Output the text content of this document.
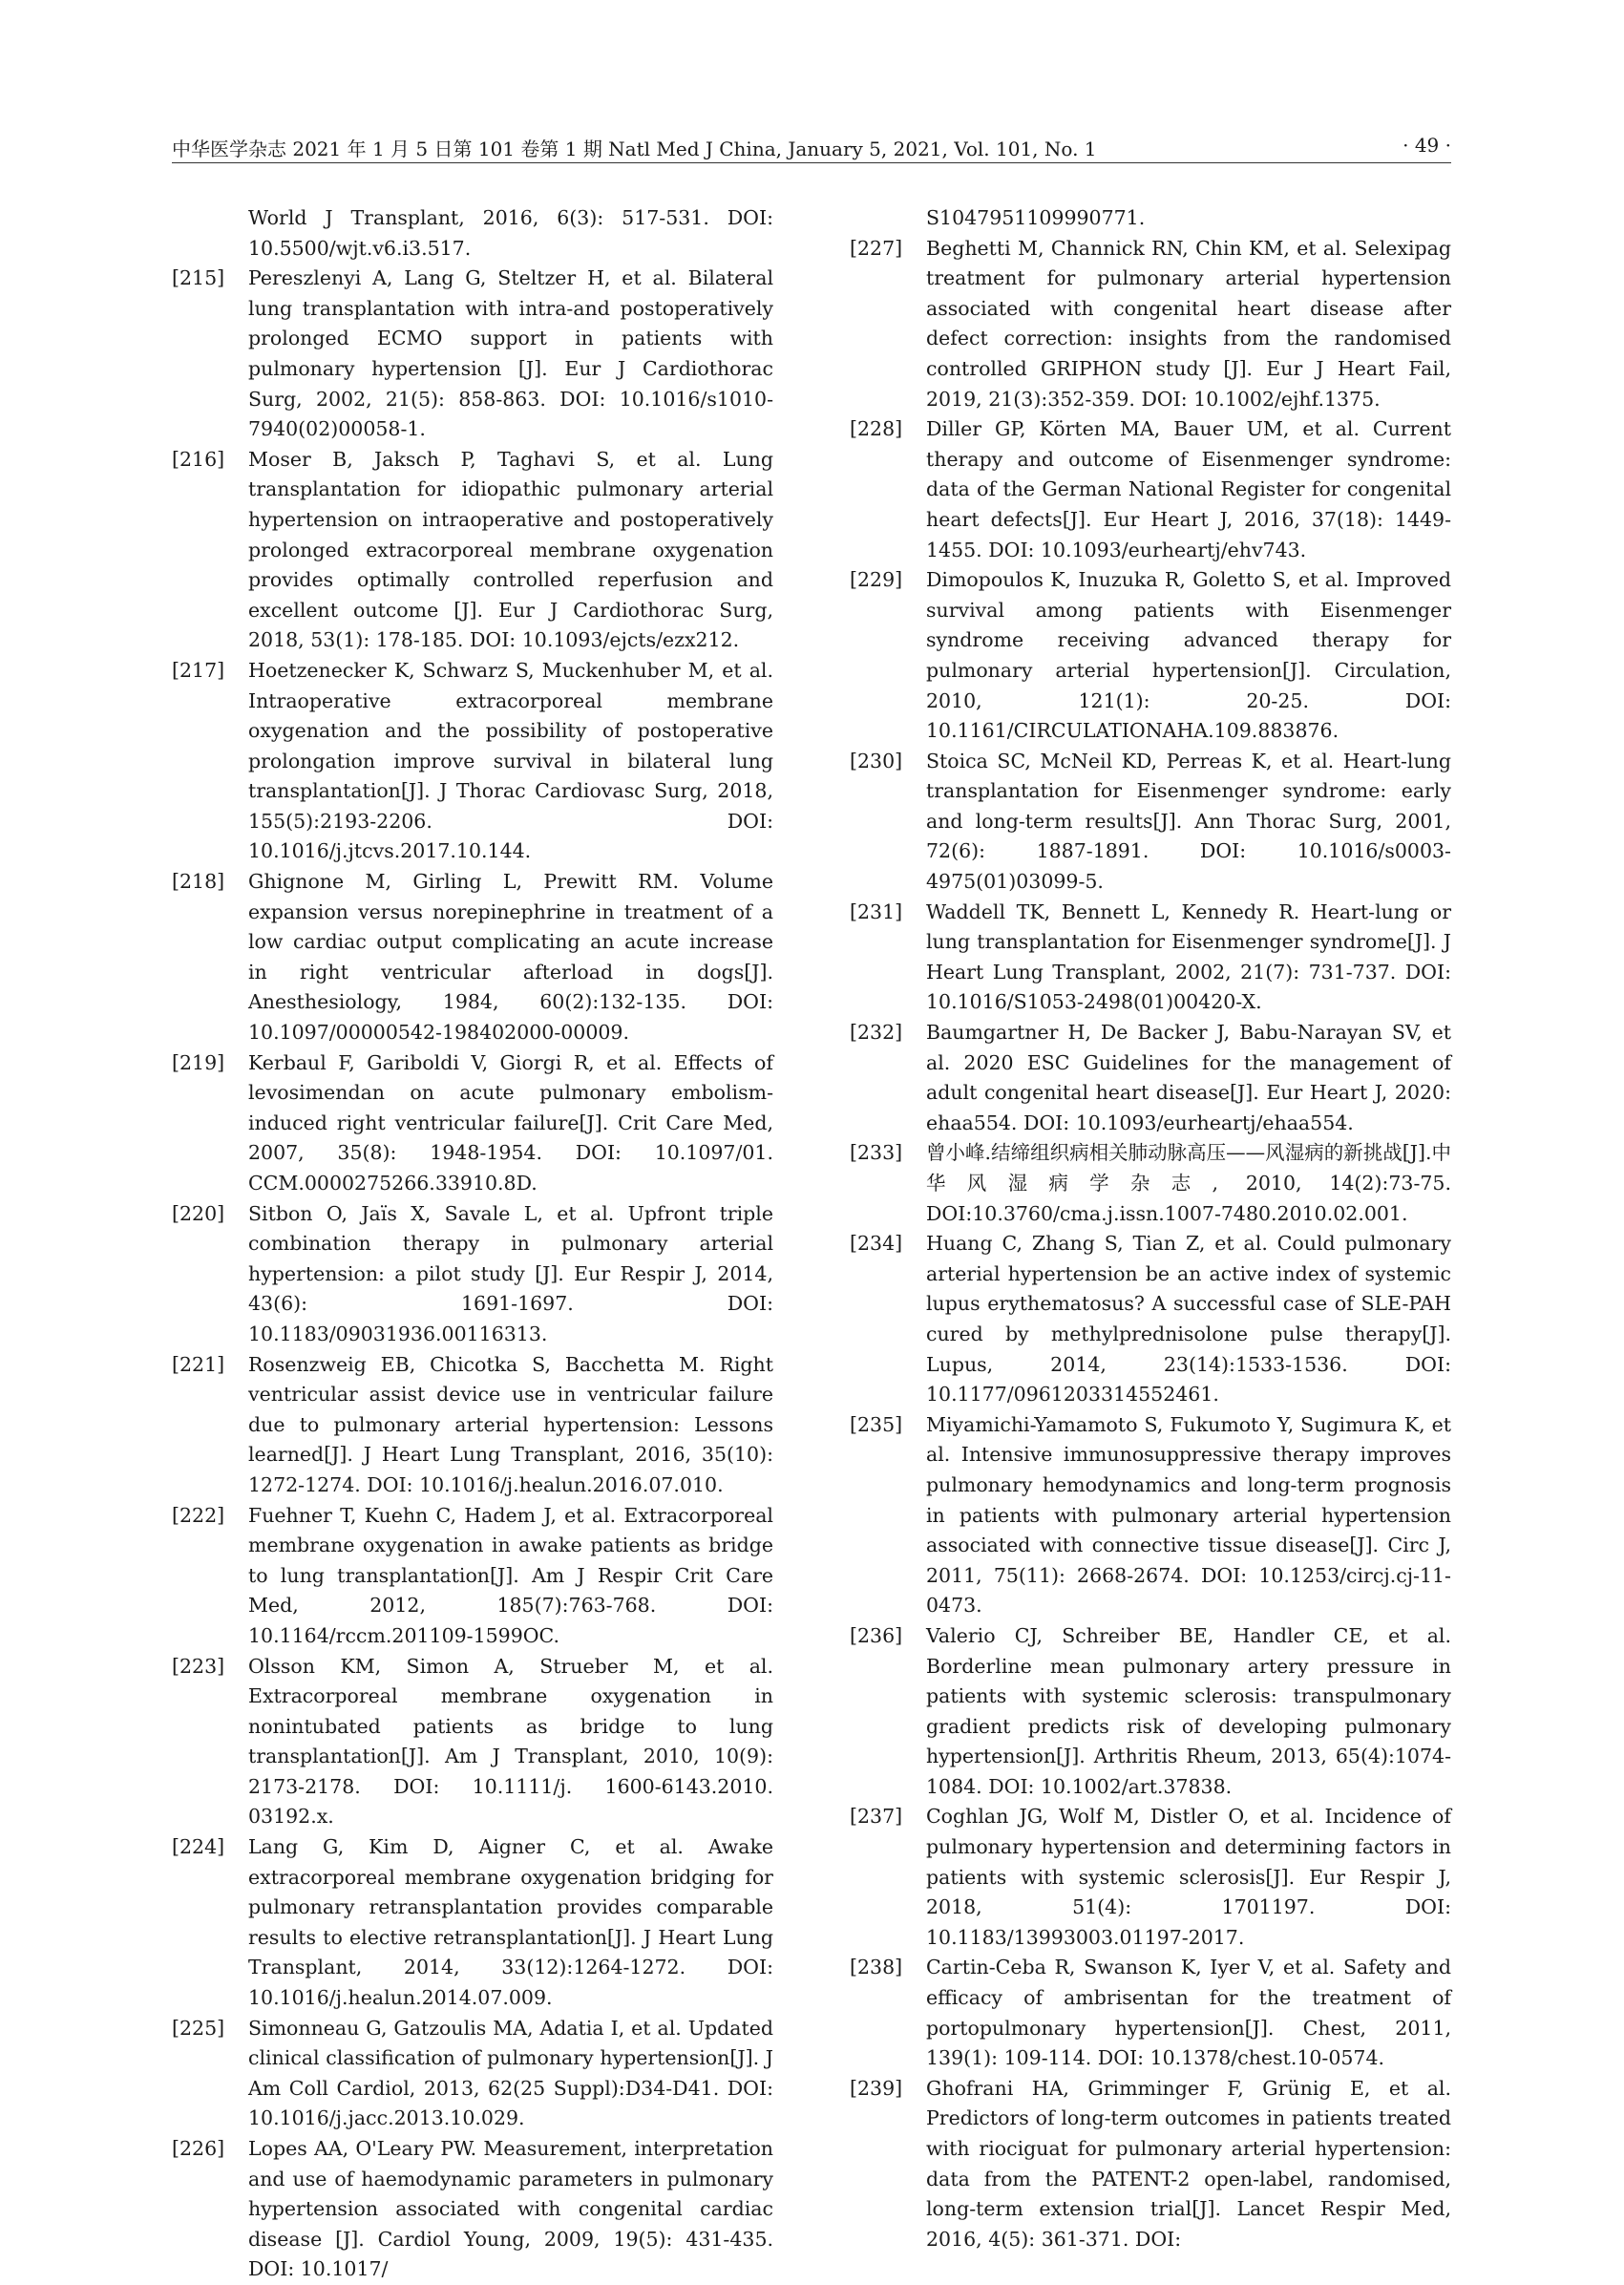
中华医学杂志 2021 年 1 月 5 日第 101 卷第 1 期 Natl Med J China, January 5, 2021, Vol. 101, No. 1	· 49 ·

World J Transplant, 2016, 6(3): 517-531. DOI: 10.5500/wjt.v6.i3.517.

[215] Pereszlenyi A, Lang G, Steltzer H, et al. Bilateral lung transplantation with intra-and postoperatively prolonged ECMO support in patients with pulmonary hypertension [J]. Eur J Cardiothorac Surg, 2002, 21(5): 858-863. DOI: 10.1016/s1010-7940(02)00058-1.

[216] Moser B, Jaksch P, Taghavi S, et al. Lung transplantation for idiopathic pulmonary arterial hypertension on intraoperative and postoperatively prolonged extracorporeal membrane oxygenation provides optimally controlled reperfusion and excellent outcome [J]. Eur J Cardiothorac Surg, 2018, 53(1): 178-185. DOI: 10.1093/ejcts/ezx212.

[217] Hoetzenecker K, Schwarz S, Muckenhuber M, et al. Intraoperative extracorporeal membrane oxygenation and the possibility of postoperative prolongation improve survival in bilateral lung transplantation[J]. J Thorac Cardiovasc Surg, 2018, 155(5):2193-2206. DOI: 10.1016/j.jtcvs.2017.10.144.

[218] Ghignone M, Girling L, Prewitt RM. Volume expansion versus norepinephrine in treatment of a low cardiac output complicating an acute increase in right ventricular afterload in dogs[J]. Anesthesiology, 1984, 60(2):132-135. DOI: 10.1097/00000542-198402000-00009.

[219] Kerbaul F, Gariboldi V, Giorgi R, et al. Effects of levosimendan on acute pulmonary embolism-induced right ventricular failure[J]. Crit Care Med, 2007, 35(8): 1948-1954. DOI: 10.1097/01. CCM.0000275266.33910.8D.

[220] Sitbon O, Jaïs X, Savale L, et al. Upfront triple combination therapy in pulmonary arterial hypertension: a pilot study [J]. Eur Respir J, 2014, 43(6): 1691-1697. DOI: 10.1183/09031936.00116313.

[221] Rosenzweig EB, Chicotka S, Bacchetta M. Right ventricular assist device use in ventricular failure due to pulmonary arterial hypertension: Lessons learned[J]. J Heart Lung Transplant, 2016, 35(10): 1272-1274. DOI: 10.1016/j.healun.2016.07.010.

[222] Fuehner T, Kuehn C, Hadem J, et al. Extracorporeal membrane oxygenation in awake patients as bridge to lung transplantation[J]. Am J Respir Crit Care Med, 2012, 185(7):763-768. DOI: 10.1164/rccm.201109-1599OC.

[223] Olsson KM, Simon A, Strueber M, et al. Extracorporeal membrane oxygenation in nonintubated patients as bridge to lung transplantation[J]. Am J Transplant, 2010, 10(9): 2173-2178. DOI: 10.1111/j. 1600-6143.2010. 03192.x.

[224] Lang G, Kim D, Aigner C, et al. Awake extracorporeal membrane oxygenation bridging for pulmonary retransplantation provides comparable results to elective retransplantation[J]. J Heart Lung Transplant, 2014, 33(12):1264-1272. DOI: 10.1016/j.healun.2014.07.009.

[225] Simonneau G, Gatzoulis MA, Adatia I, et al. Updated clinical classification of pulmonary hypertension[J]. J Am Coll Cardiol, 2013, 62(25 Suppl):D34-D41. DOI: 10.1016/j.jacc.2013.10.029.

[226] Lopes AA, O'Leary PW. Measurement, interpretation and use of haemodynamic parameters in pulmonary hypertension associated with congenital cardiac disease [J]. Cardiol Young, 2009, 19(5): 431-435. DOI: 10.1017/

S1047951109990771.

[227] Beghetti M, Channick RN, Chin KM, et al. Selexipag treatment for pulmonary arterial hypertension associated with congenital heart disease after defect correction: insights from the randomised controlled GRIPHON study [J]. Eur J Heart Fail, 2019, 21(3):352-359. DOI: 10.1002/ejhf.1375.

[228] Diller GP, Körten MA, Bauer UM, et al. Current therapy and outcome of Eisenmenger syndrome: data of the German National Register for congenital heart defects[J]. Eur Heart J, 2016, 37(18): 1449-1455. DOI: 10.1093/eurheartj/ehv743.

[229] Dimopoulos K, Inuzuka R, Goletto S, et al. Improved survival among patients with Eisenmenger syndrome receiving advanced therapy for pulmonary arterial hypertension[J]. Circulation, 2010, 121(1): 20-25. DOI: 10.1161/CIRCULATIONAHA.109.883876.

[230] Stoica SC, McNeil KD, Perreas K, et al. Heart-lung transplantation for Eisenmenger syndrome: early and long-term results[J]. Ann Thorac Surg, 2001, 72(6): 1887-1891. DOI: 10.1016/s0003-4975(01)03099-5.

[231] Waddell TK, Bennett L, Kennedy R. Heart-lung or lung transplantation for Eisenmenger syndrome[J]. J Heart Lung Transplant, 2002, 21(7): 731-737. DOI: 10.1016/S1053-2498(01)00420-X.

[232] Baumgartner H, De Backer J, Babu-Narayan SV, et al. 2020 ESC Guidelines for the management of adult congenital heart disease[J]. Eur Heart J, 2020: ehaa554. DOI: 10.1093/eurheartj/ehaa554.

[233] 曾小峰.结缔组织病相关肺动脉高压——风湿病的新挑战[J].中华风湿病学杂志, 2010, 14(2):73-75. DOI:10.3760/cma.j.issn.1007-7480.2010.02.001.

[234] Huang C, Zhang S, Tian Z, et al. Could pulmonary arterial hypertension be an active index of systemic lupus erythematosus? A successful case of SLE-PAH cured by methylprednisolone pulse therapy[J]. Lupus, 2014, 23(14):1533-1536. DOI: 10.1177/0961203314552461.

[235] Miyamichi-Yamamoto S, Fukumoto Y, Sugimura K, et al. Intensive immunosuppressive therapy improves pulmonary hemodynamics and long-term prognosis in patients with pulmonary arterial hypertension associated with connective tissue disease[J]. Circ J, 2011, 75(11): 2668-2674. DOI: 10.1253/circj.cj-11-0473.

[236] Valerio CJ, Schreiber BE, Handler CE, et al. Borderline mean pulmonary artery pressure in patients with systemic sclerosis: transpulmonary gradient predicts risk of developing pulmonary hypertension[J]. Arthritis Rheum, 2013, 65(4):1074-1084. DOI: 10.1002/art.37838.

[237] Coghlan JG, Wolf M, Distler O, et al. Incidence of pulmonary hypertension and determining factors in patients with systemic sclerosis[J]. Eur Respir J, 2018, 51(4): 1701197. DOI: 10.1183/13993003.01197-2017.

[238] Cartin-Ceba R, Swanson K, Iyer V, et al. Safety and efficacy of ambrisentan for the treatment of portopulmonary hypertension[J]. Chest, 2011, 139(1): 109-114. DOI: 10.1378/chest.10-0574.

[239] Ghofrani HA, Grimminger F, Grünig E, et al. Predictors of long-term outcomes in patients treated with riociguat for pulmonary arterial hypertension: data from the PATENT-2 open-label, randomised, long-term extension trial[J]. Lancet Respir Med, 2016, 4(5): 361-371. DOI:
